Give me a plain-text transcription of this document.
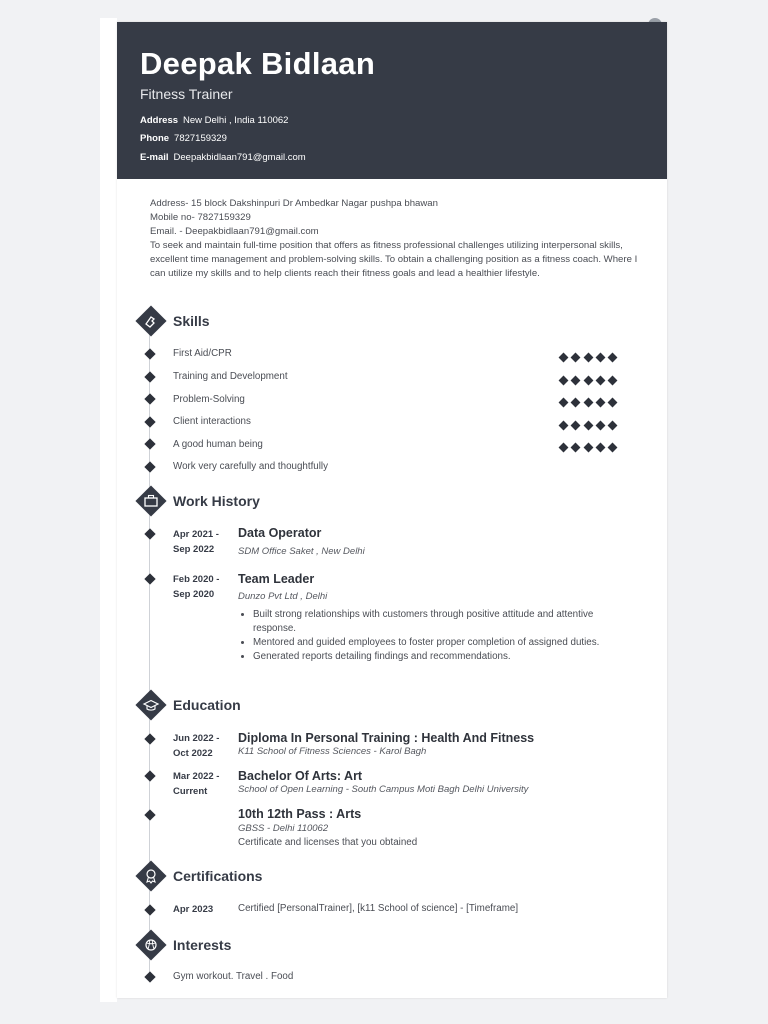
Deepak Bidlaan
Fitness Trainer
Address New Delhi , India 110062
Phone 7827159329
E-mail Deepakbidlaan791@gmail.com
Address- 15 block Dakshinpuri Dr Ambedkar Nagar pushpa bhawan
Mobile no- 7827159329
Email. - Deepakbidlaan791@gmail.com
To seek and maintain full-time position that offers as fitness professional challenges utilizing interpersonal skills, excellent time management and problem-solving skills. To obtain a challenging position as a fitness coach. Where I can utilize my skills and to help clients reach their fitness goals and lead a healthier lifestyle.
Skills
First Aid/CPR
Training and Development
Problem-Solving
Client interactions
A good human being
Work very carefully and thoughtfully
Work History
Apr 2021 -
Sep 2022
Data Operator
SDM Office Saket , New Delhi
Feb 2020 -
Sep 2020
Team Leader
Dunzo Pvt Ltd , Delhi
• Built strong relationships with customers through positive attitude and attentive response.
• Mentored and guided employees to foster proper completion of assigned duties.
• Generated reports detailing findings and recommendations.
Education
Jun 2022 -
Oct 2022
Diploma In Personal Training : Health And Fitness
K11 School of Fitness Sciences - Karol Bagh
Mar 2022 -
Current
Bachelor Of Arts: Art
School of Open Learning - South Campus Moti Bagh Delhi University
10th 12th Pass : Arts
GBSS - Delhi 110062
Certificate and licenses that you obtained
Certifications
Apr 2023	Certified [PersonalTrainer], [k11 School of science] - [Timeframe]
Interests
Gym workout. Travel . Food
